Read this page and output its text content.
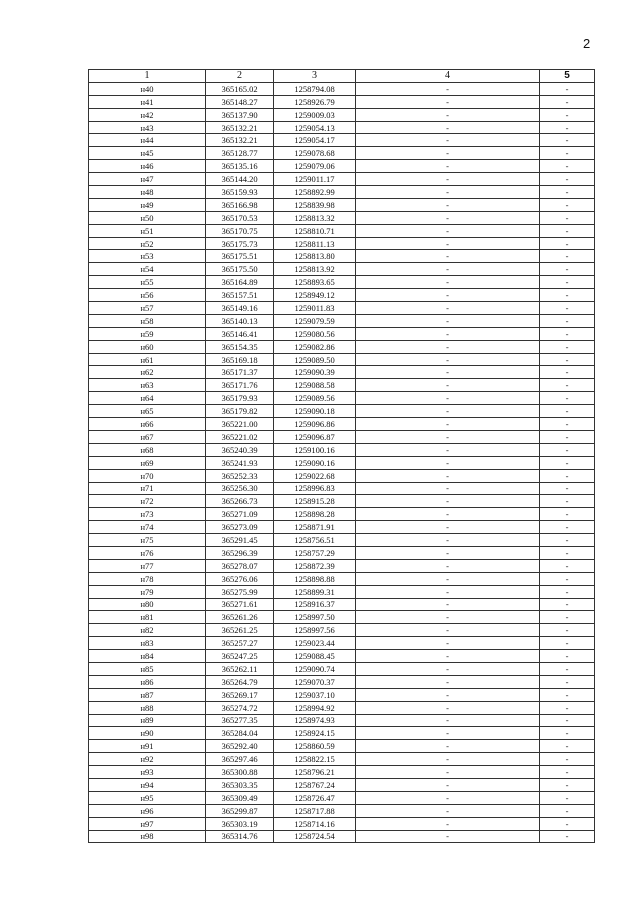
2
1	2	3	4	5
н40	365165.02	1258794.08	-	-
н41	365148.27	1258926.79	-	-
н42	365137.90	1259009.03	-	-
н43	365132.21	1259054.13	-	-
н44	365132.21	1259054.17	-	-
н45	365128.77	1259078.68	-	-
н46	365135.16	1259079.06	-	-
н47	365144.20	1259011.17	-	-
н48	365159.93	1258892.99	-	-
н49	365166.98	1258839.98	-	-
н50	365170.53	1258813.32	-	-
н51	365170.75	1258810.71	-	-
н52	365175.73	1258811.13	-	-
н53	365175.51	1258813.80	-	-
н54	365175.50	1258813.92	-	-
н55	365164.89	1258893.65	-	-
н56	365157.51	1258949.12	-	-
н57	365149.16	1259011.83	-	-
н58	365140.13	1259079.59	-	-
н59	365146.41	1259080.56	-	-
н60	365154.35	1259082.86	-	-
н61	365169.18	1259089.50	-	-
н62	365171.37	1259090.39	-	-
н63	365171.76	1259088.58	-	-
н64	365179.93	1259089.56	-	-
н65	365179.82	1259090.18	-	-
н66	365221.00	1259096.86	-	-
н67	365221.02	1259096.87	-	-
н68	365240.39	1259100.16	-	-
н69	365241.93	1259090.16	-	-
н70	365252.33	1259022.68	-	-
н71	365256.30	1258996.83	-	-
н72	365266.73	1258915.28	-	-
н73	365271.09	1258898.28	-	-
н74	365273.09	1258871.91	-	-
н75	365291.45	1258756.51	-	-
н76	365296.39	1258757.29	-	-
н77	365278.07	1258872.39	-	-
н78	365276.06	1258898.88	-	-
н79	365275.99	1258899.31	-	-
н80	365271.61	1258916.37	-	-
н81	365261.26	1258997.50	-	-
н82	365261.25	1258997.56	-	-
н83	365257.27	1259023.44	-	-
н84	365247.25	1259088.45	-	-
н85	365262.11	1259090.74	-	-
н86	365264.79	1259070.37	-	-
н87	365269.17	1259037.10	-	-
н88	365274.72	1258994.92	-	-
н89	365277.35	1258974.93	-	-
н90	365284.04	1258924.15	-	-
н91	365292.40	1258860.59	-	-
н92	365297.46	1258822.15	-	-
н93	365300.88	1258796.21	-	-
н94	365303.35	1258767.24	-	-
н95	365309.49	1258726.47	-	-
н96	365299.87	1258717.88	-	-
н97	365303.19	1258714.16	-	-
н98	365314.76	1258724.54	-	-
